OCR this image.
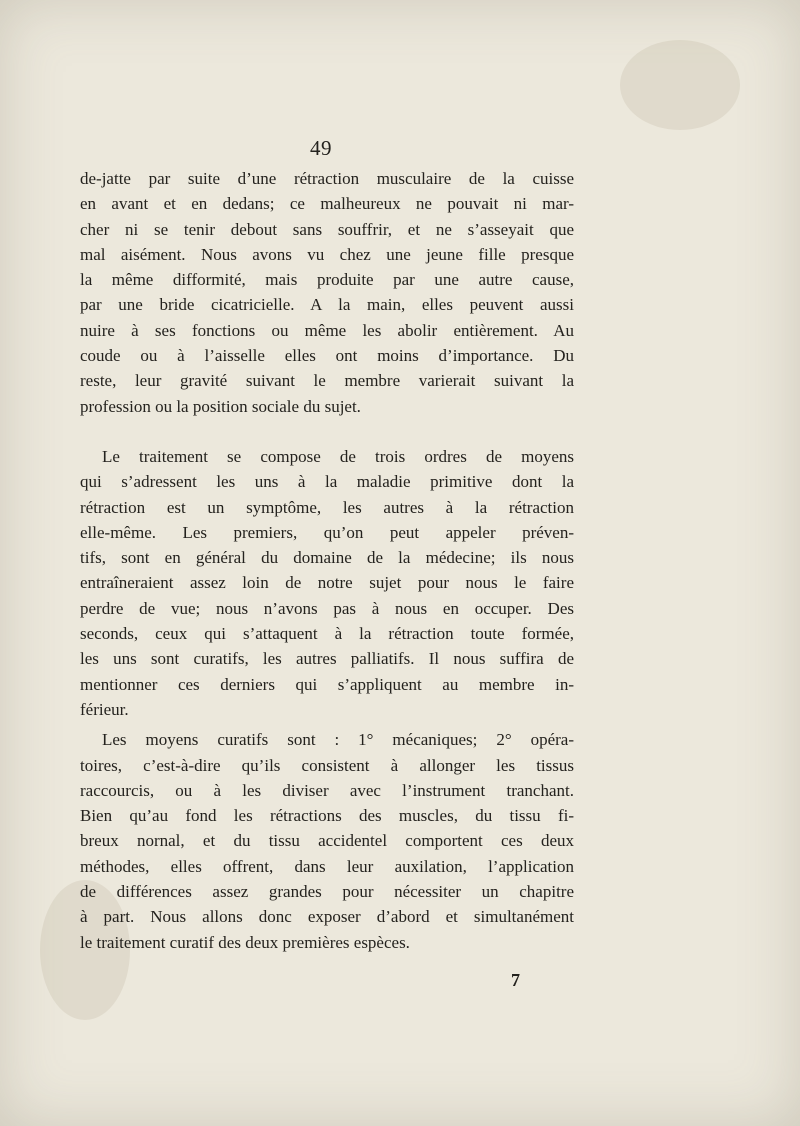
49
de-jatte par suite d’une rétraction musculaire de la cuisse
en avant et en dedans; ce malheureux ne pouvait ni mar-
cher ni se tenir debout sans souffrir, et ne s’asseyait que
mal aisément. Nous avons vu chez une jeune fille presque
la même difformité, mais produite par une autre cause,
par une bride cicatricielle. A la main, elles peuvent aussi
nuire à ses fonctions ou même les abolir entièrement. Au
coude ou à l’aisselle elles ont moins d’importance. Du
reste, leur gravité suivant le membre varierait suivant la
profession ou la position sociale du sujet.
Le traitement se compose de trois ordres de moyens
qui s’adressent les uns à la maladie primitive dont la
rétraction est un symptôme, les autres à la rétraction
elle-même. Les premiers, qu’on peut appeler préven-
tifs, sont en général du domaine de la médecine; ils nous
entraîneraient assez loin de notre sujet pour nous le faire
perdre de vue; nous n’avons pas à nous en occuper. Des
seconds, ceux qui s’attaquent à la rétraction toute formée,
les uns sont curatifs, les autres palliatifs. Il nous suffira de
mentionner ces derniers qui s’appliquent au membre in-
férieur.
Les moyens curatifs sont : 1° mécaniques; 2° opéra-
toires, c’est-à-dire qu’ils consistent à allonger les tissus
raccourcis, ou à les diviser avec l’instrument tranchant.
Bien qu’au fond les rétractions des muscles, du tissu fi-
breux nornal, et du tissu accidentel comportent ces deux
méthodes, elles offrent, dans leur auxilation, l’application
de différences assez grandes pour nécessiter un chapitre
à part. Nous allons donc exposer d’abord et simultanément
le traitement curatif des deux premières espèces.
7
